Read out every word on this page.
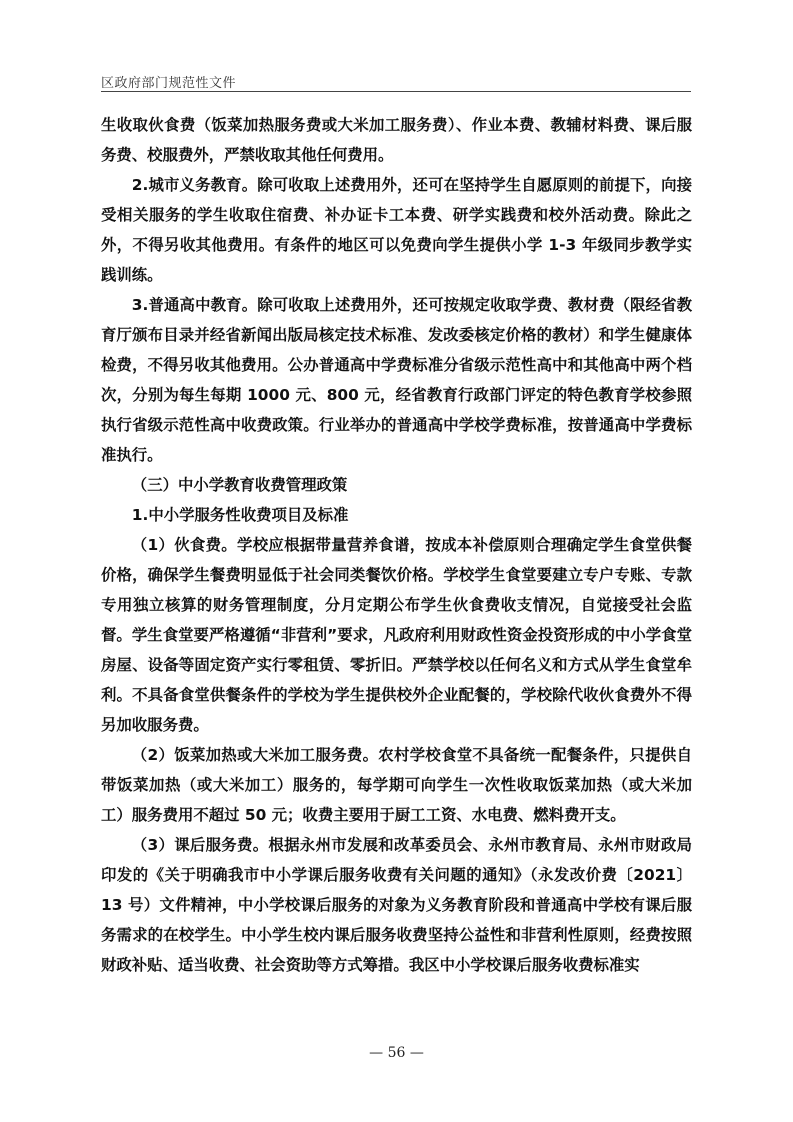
区政府部门规范性文件

生收取伙食费（饭菜加热服务费或大米加工服务费）、作业本费、教辅材料费、课后服务费、校服费外，严禁收取其他任何费用。

2.城市义务教育。除可收取上述费用外，还可在坚持学生自愿原则的前提下，向接受相关服务的学生收取住宿费、补办证卡工本费、研学实践费和校外活动费。除此之外，不得另收其他费用。有条件的地区可以免费向学生提供小学 1-3 年级同步教学实践训练。

3.普通高中教育。除可收取上述费用外，还可按规定收取学费、教材费（限经省教育厅颁布目录并经省新闻出版局核定技术标准、发改委核定价格的教材）和学生健康体检费，不得另收其他费用。公办普通高中学费标准分省级示范性高中和其他高中两个档次，分别为每生每期 1000 元、800 元，经省教育行政部门评定的特色教育学校参照执行省级示范性高中收费政策。行业举办的普通高中学校学费标准，按普通高中学费标准执行。

（三）中小学教育收费管理政策

1.中小学服务性收费项目及标准

（1）伙食费。学校应根据带量营养食谱，按成本补偿原则合理确定学生食堂供餐价格，确保学生餐费明显低于社会同类餐饮价格。学校学生食堂要建立专户专账、专款专用独立核算的财务管理制度，分月定期公布学生伙食费收支情况，自觉接受社会监督。学生食堂要严格遵循“非营利”要求，凡政府利用财政性资金投资形成的中小学食堂房屋、设备等固定资产实行零租赁、零折旧。严禁学校以任何名义和方式从学生食堂牟利。不具备食堂供餐条件的学校为学生提供校外企业配餐的，学校除代收伙食费外不得另加收服务费。

（2）饭菜加热或大米加工服务费。农村学校食堂不具备统一配餐条件，只提供自带饭菜加热（或大米加工）服务的，每学期可向学生一次性收取饭菜加热（或大米加工）服务费用不超过 50 元；收费主要用于厨工工资、水电费、燃料费开支。

（3）课后服务费。根据永州市发展和改革委员会、永州市教育局、永州市财政局印发的《关于明确我市中小学课后服务收费有关问题的通知》（永发改价费〔2021〕13 号）文件精神，中小学校课后服务的对象为义务教育阶段和普通高中学校有课后服务需求的在校学生。中小学生校内课后服务收费坚持公益性和非营利性原则，经费按照财政补贴、适当收费、社会资助等方式筹措。我区中小学校课后服务收费标准实

— 56 —
